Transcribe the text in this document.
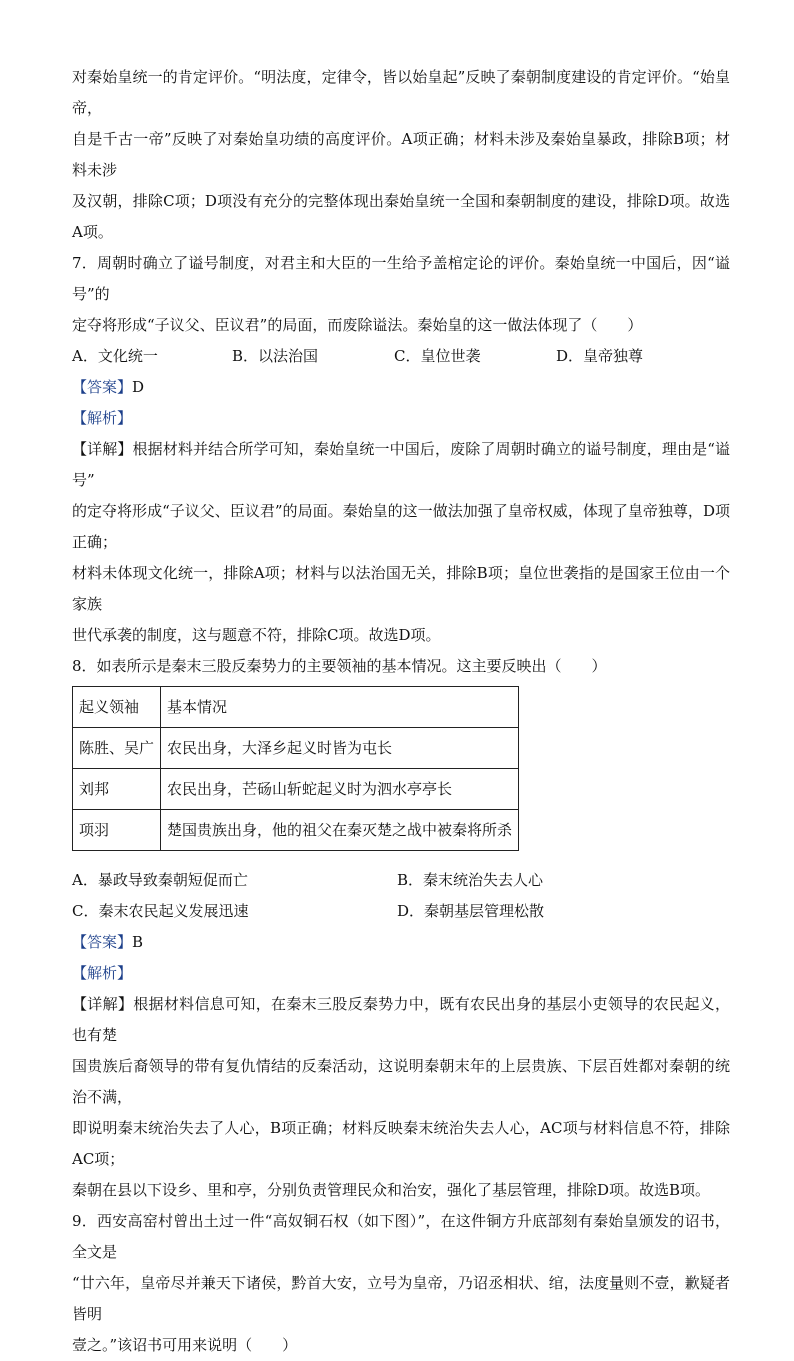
对秦始皇统一的肯定评价。“明法度，定律令，皆以始皇起”反映了秦朝制度建设的肯定评价。“始皇帝，
自是千古一帝”反映了对秦始皇功绩的高度评价。A项正确；材料未涉及秦始皇暴政，排除B项；材料未涉
及汉朝，排除C项；D项没有充分的完整体现出秦始皇统一全国和秦朝制度的建设，排除D项。故选A项。

7．周朝时确立了谥号制度，对君主和大臣的一生给予盖棺定论的评价。秦始皇统一中国后，因“谥号”的
定夺将形成“子议父、臣议君”的局面，而废除谥法。秦始皇的这一做法体现了（　　）

A．文化统一	B．以法治国	C．皇位世袭	D．皇帝独尊

【答案】D

【解析】

【详解】根据材料并结合所学可知，秦始皇统一中国后，废除了周朝时确立的谥号制度，理由是“谥号”
的定夺将形成“子议父、臣议君”的局面。秦始皇的这一做法加强了皇帝权威，体现了皇帝独尊，D项正确；
材料未体现文化统一，排除A项；材料与以法治国无关，排除B项；皇位世袭指的是国家王位由一个家族
世代承袭的制度，这与题意不符，排除C项。故选D项。

8．如表所示是秦末三股反秦势力的主要领袖的基本情况。这主要反映出（　　）

起义领袖	基本情况
陈胜、吴广	农民出身，大泽乡起义时皆为屯长
刘邦	农民出身，芒砀山斩蛇起义时为泗水亭亭长
项羽	楚国贵族出身，他的祖父在秦灭楚之战中被秦将所杀
A．暴政导致秦朝短促而亡	B．秦末统治失去人心
C．秦末农民起义发展迅速	D．秦朝基层管理松散

【答案】B

【解析】

【详解】根据材料信息可知，在秦末三股反秦势力中，既有农民出身的基层小吏领导的农民起义，也有楚
国贵族后裔领导的带有复仇情结的反秦活动，这说明秦朝末年的上层贵族、下层百姓都对秦朝的统治不满，
即说明秦末统治失去了人心，B项正确；材料反映秦末统治失去人心，AC项与材料信息不符，排除AC项；
秦朝在县以下设乡、里和亭，分别负责管理民众和治安，强化了基层管理，排除D项。故选B项。

9．西安高窑村曾出土过一件“高奴铜石权（如下图）”，在这件铜方升底部刻有秦始皇颁发的诏书，全文是
“廿六年，皇帝尽并兼天下诸侯，黔首大安，立号为皇帝，乃诏丞相状、绾，法度量则不壹，歉疑者皆明
壹之。”该诏书可用来说明（　　）
